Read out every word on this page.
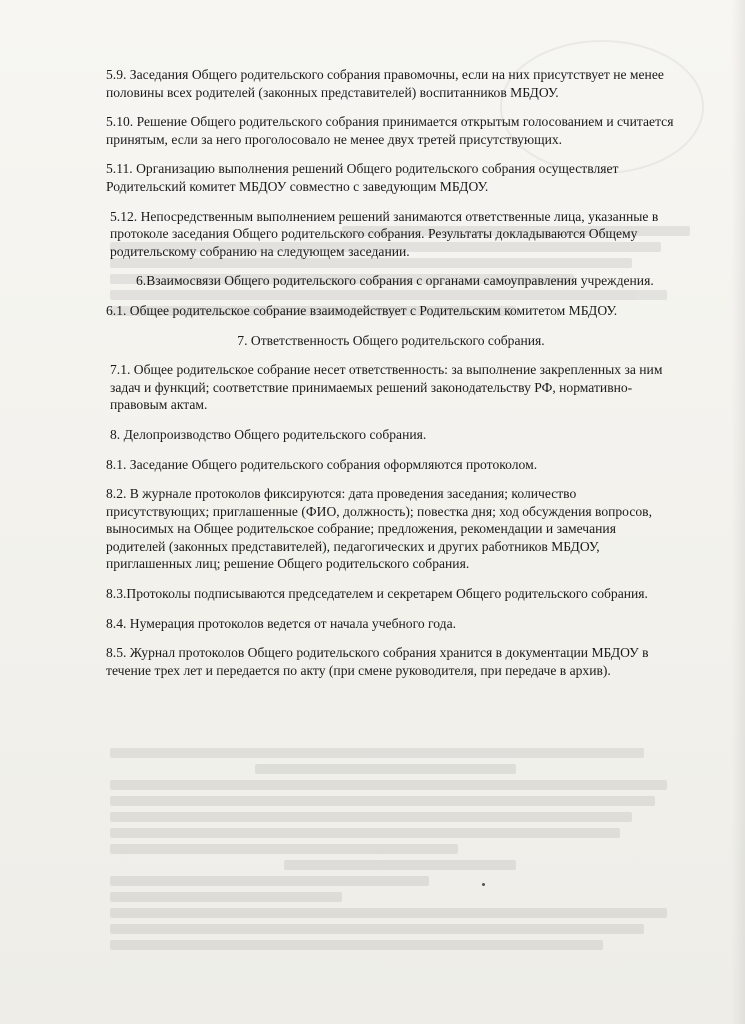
5.9. Заседания Общего родительского собрания правомочны, если на них присутствует не менее половины всех родителей (законных представителей) воспитанников МБДОУ.

5.10. Решение Общего родительского собрания принимается открытым голосованием и считается принятым, если за него проголосовало не менее двух третей присутствующих.

5.11. Организацию выполнения решений Общего родительского собрания осуществляет Родительский комитет МБДОУ совместно с заведующим МБДОУ.

5.12. Непосредственным выполнением решений занимаются ответственные лица, указанные в протоколе заседания Общего родительского собрания. Результаты докладываются Общему родительскому собранию на следующем заседании.

6.Взаимосвязи Общего родительского собрания с органами самоуправления учреждения.

6.1. Общее родительское собрание взаимодействует с Родительским комитетом МБДОУ.

7. Ответственность Общего родительского собрания.

7.1. Общее родительское собрание несет ответственность: за выполнение закрепленных за ним задач и функций; соответствие принимаемых решений законодательству РФ, нормативно-правовым актам.

8. Делопроизводство Общего родительского собрания.

8.1. Заседание Общего родительского собрания оформляются протоколом.

8.2. В журнале протоколов фиксируются: дата проведения заседания; количество присутствующих; приглашенные (ФИО, должность); повестка дня; ход обсуждения вопросов, выносимых на Общее родительское собрание; предложения, рекомендации и замечания родителей (законных представителей), педагогических и других работников МБДОУ, приглашенных лиц; решение Общего родительского собрания.

8.3.Протоколы подписываются председателем и секретарем Общего родительского собрания.

8.4. Нумерация протоколов ведется от начала учебного года.

8.5. Журнал протоколов Общего родительского собрания хранится в документации МБДОУ в течение трех лет и передается по акту (при смене руководителя, при передаче в архив).
